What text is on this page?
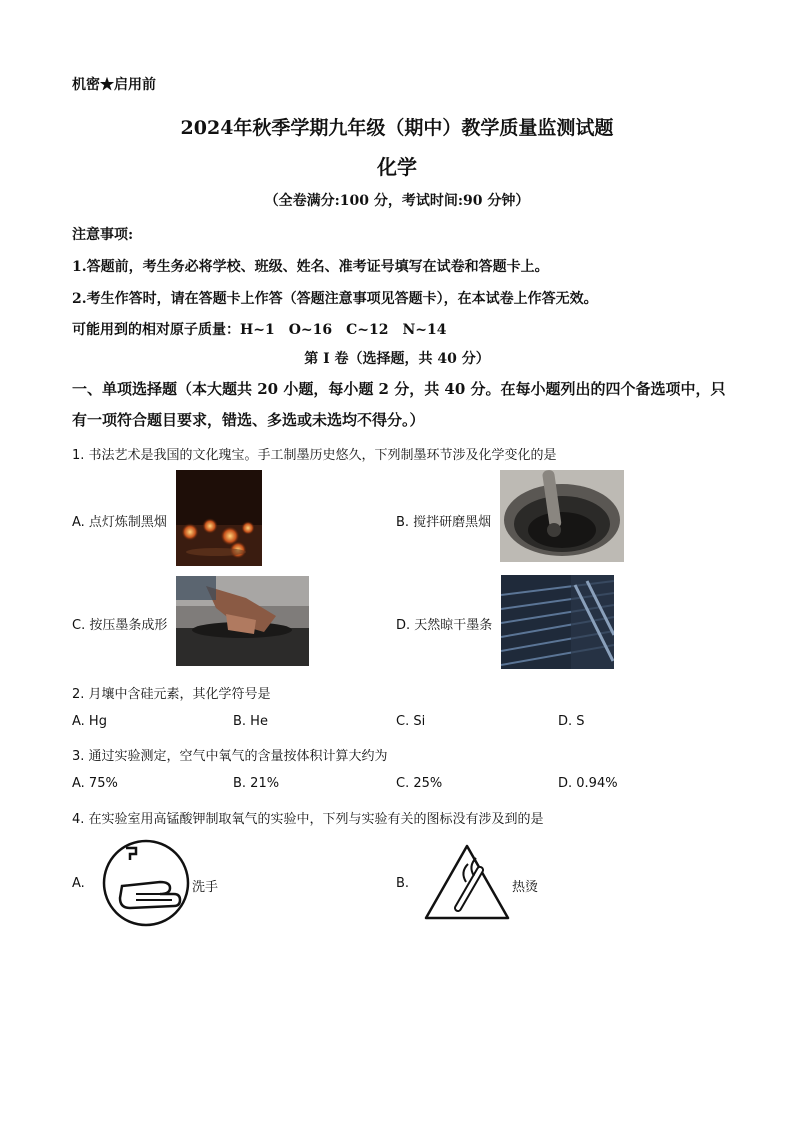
机密★启用前
2024年秋季学期九年级（期中）教学质量监测试题
化学
（全卷满分:100 分，考试时间:90 分钟）
注意事项:
1.答题前，考生务必将学校、班级、姓名、准考证号填写在试卷和答题卡上。
2.考生作答时，请在答题卡上作答（答题注意事项见答题卡），在本试卷上作答无效。
可能用到的相对原子质量：H~1　O~16　C~12　N~14
第 I 卷（选择题，共 40 分）
一、单项选择题（本大题共 20 小题，每小题 2 分，共 40 分。在每小题列出的四个备选项中，只有一项符合题目要求，错选、多选或未选均不得分。）
1. 书法艺术是我国的文化瑰宝。手工制墨历史悠久，下列制墨环节涉及化学变化的是
A. 点灯炼制黑烟	B. 搅拌研磨黑烟
C. 按压墨条成形	D. 天然晾干墨条
2. 月壤中含硅元素，其化学符号是
A. Hg	B. He	C. Si	D. S
3. 通过实验测定，空气中氧气的含量按体积计算大约为
A. 75%	B. 21%	C. 25%	D. 0.94%
4. 在实验室用高锰酸钾制取氧气的实验中，下列与实验有关的图标没有涉及到的是
A.	洗手	B.	热烫
